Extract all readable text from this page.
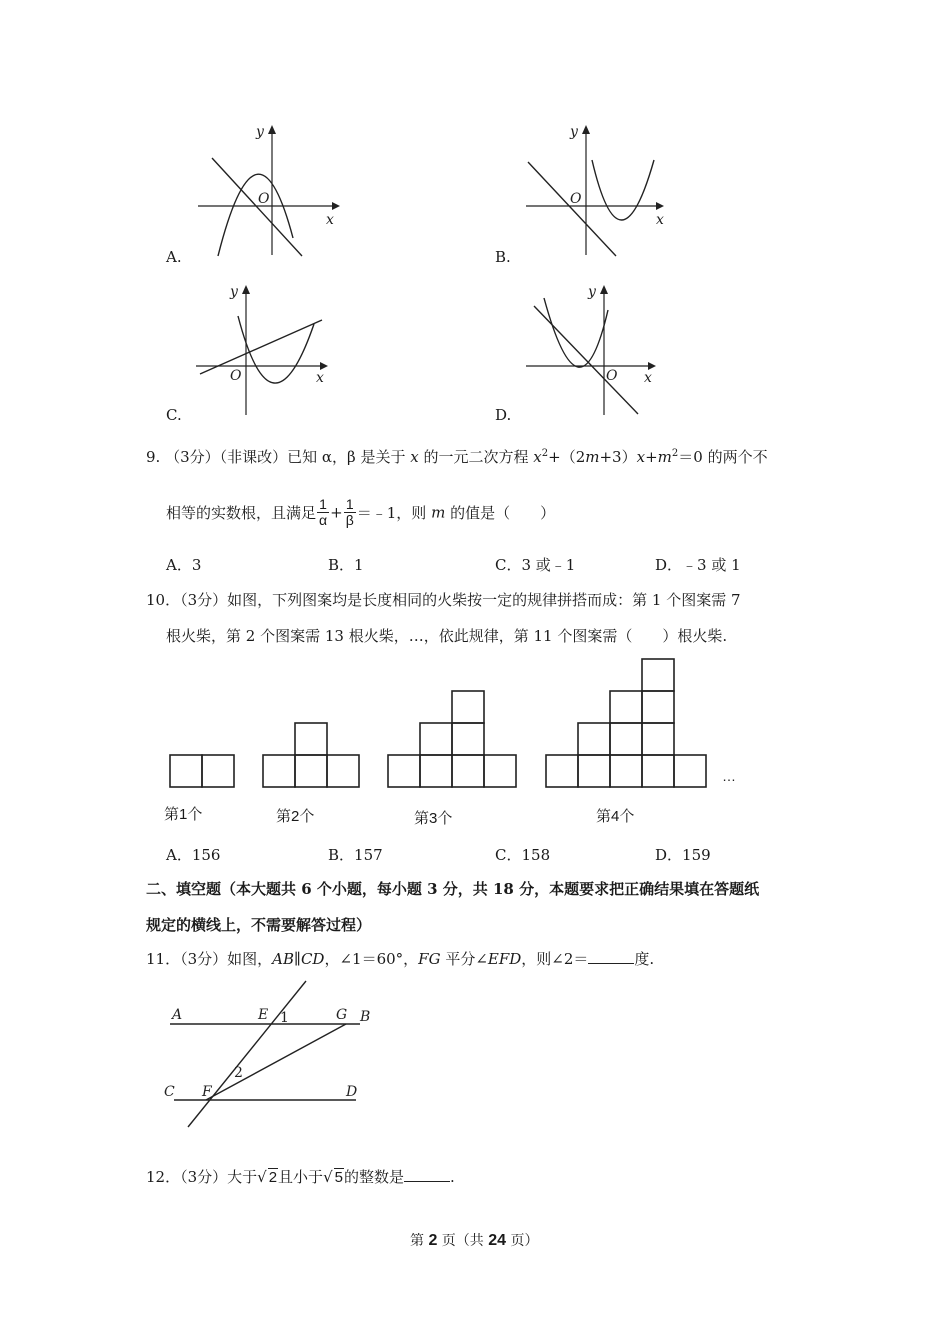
y
x
O
A.
y
x
O
B.
y
x
O
C.
y
x
O
D.
9. （3分）（非课改）已知 α，β 是关于 x 的一元二次方程 $x^2+(2m+3)x+m^2=0$ 的两个不
相等的实数根，且满足 $\frac{1}{\alpha} + \frac{1}{\beta}$ ＝﹣1，则 m 的值是（　　）
A．3	B．1	C．3 或﹣1	D．﹣3 或 1
10．（3分）如图，下列图案均是长度相同的火柴按一定的规律拼搭而成：第 1 个图案需 7
根火柴，第 2 个图案需 13 根火柴，…，依此规律，第 11 个图案需（　　）根火柴.
…
第1个	第2个	第3个	第4个
A．156	B．157	C．158	D．159
二、填空题（本大题共 6 个小题，每小题 3 分，共 18 分，本题要求把正确结果填在答题纸
规定的横线上，不需要解答过程）
11．（3分）如图，AB∥CD，∠1＝60°，FG 平分∠EFD，则∠2＝	度.
A	E	G B
1
2
C F	D
12．（3分）大于√ 2且小于√ 5的整数是	.
第 2 页（共 24 页）
